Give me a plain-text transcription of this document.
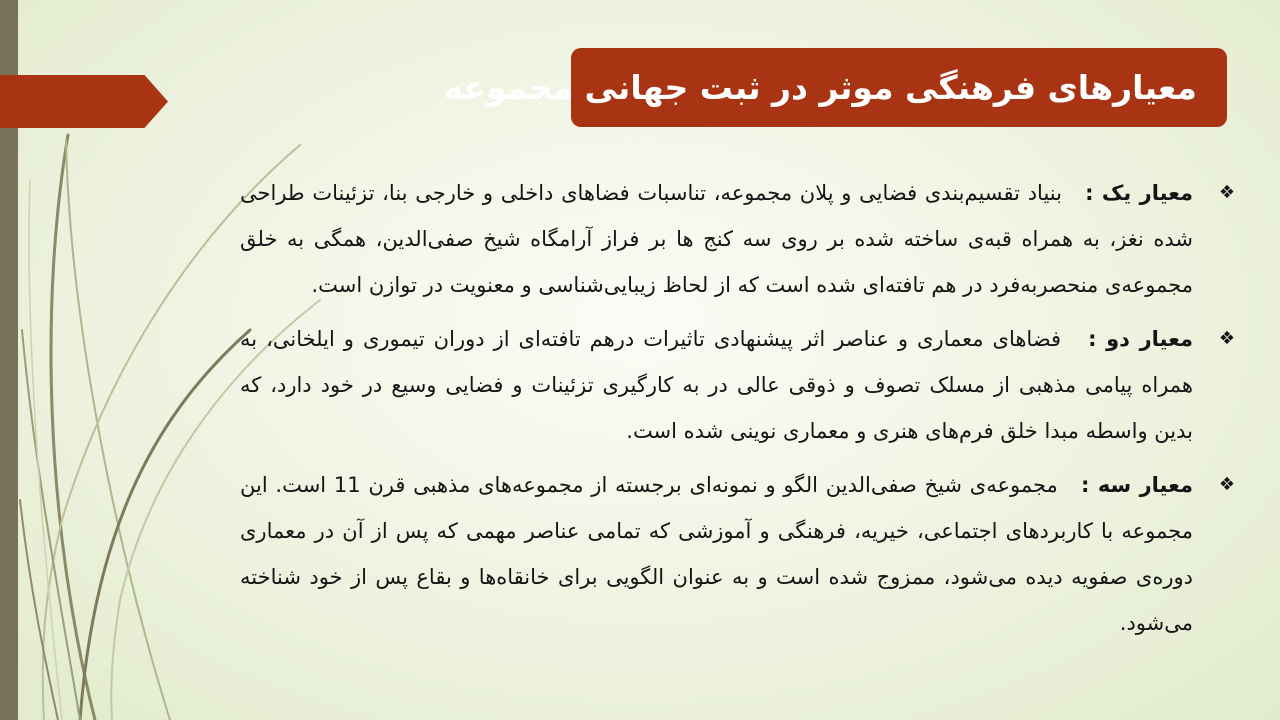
معیارهای فرهنگی موثر در ثبت جهانی مجموعه
❖
معیار یک :   بنیاد تقسیم‌بندی فضایی و پلان مجموعه، تناسبات فضاهای داخلی و خارجی بنا، تزئینات طراحی شده نغز، به همراه قبه‌ی ساخته شده بر روی سه کنج ها بر فراز آرامگاه شیخ صفی‌الدین، همگی به خلق مجموعه‌ی منحصربه‌فرد در هم تافته‌ای شده است که از لحاظ زیبایی‌شناسی و معنویت در توازن است.
❖
معیار دو :   فضاهای معماری و عناصر اثر پیشنهادی تاثیرات درهم تافته‌ای از دوران تیموری و ایلخانی، به همراه پیامی مذهبی از مسلک تصوف و ذوقی عالی در به کارگیری تزئینات و فضایی وسیع در خود دارد، که بدین واسطه مبدا خلق فرم‌های هنری و معماری نوینی شده است.
❖
معیار سه :   مجموعه‌ی شیخ صفی‌الدین الگو و نمونه‌ای برجسته از مجموعه‌های مذهبی قرن 11 است. این مجموعه با کاربردهای اجتماعی، خیریه، فرهنگی و آموزشی که تمامی عناصر مهمی که پس از آن در معماری دوره‌ی صفویه دیده می‌شود، ممزوج شده است و به عنوان الگویی برای خانقاه‌ها و بقاع پس از خود شناخته می‌شود.
